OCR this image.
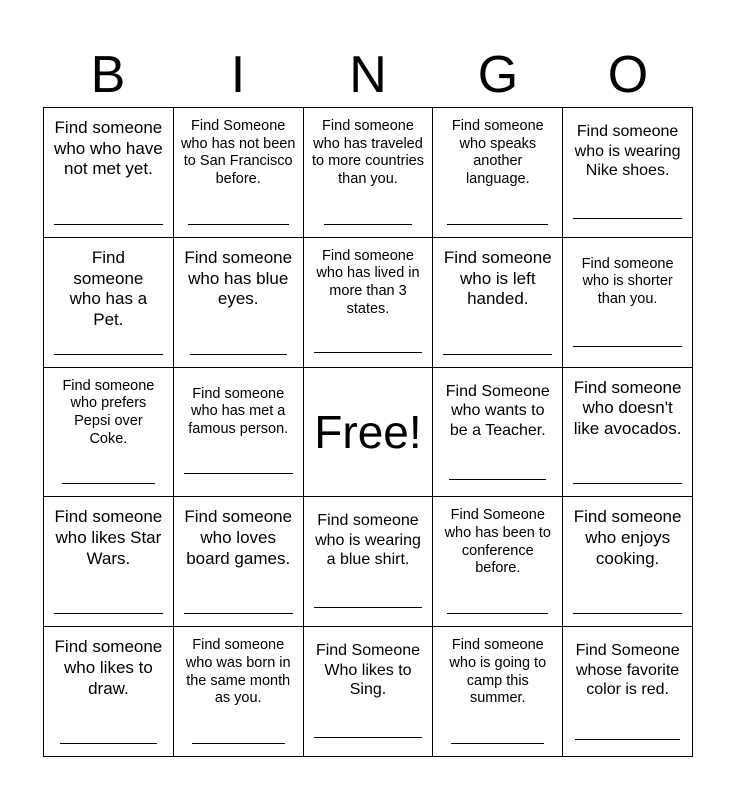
B	I	N	G	O
Find someone who who have not met yet.
Find Someone who has not been to San Francisco before.
Find someone who has traveled to more countries than you.
Find someone who speaks another language.
Find someone who is wearing Nike shoes.
Find someone who has a Pet.
Find someone who has blue eyes.
Find someone who has lived in more than 3 states.
Find someone who is left handed.
Find someone who is shorter than you.
Find someone who prefers Pepsi over Coke.
Find someone who has met a famous person. Free!
Find Someone who wants to be a Teacher.
Find someone who doesn't like avocados.
Find someone who likes Star Wars.
Find someone who loves board games.
Find someone who is wearing a blue shirt.
Find Someone who has been to conference before.
Find someone who enjoys cooking.
Find someone who likes to draw.
Find someone who was born in the same month as you.
Find Someone Who likes to Sing.
Find someone who is going to camp this summer.
Find Someone whose favorite color is red.
